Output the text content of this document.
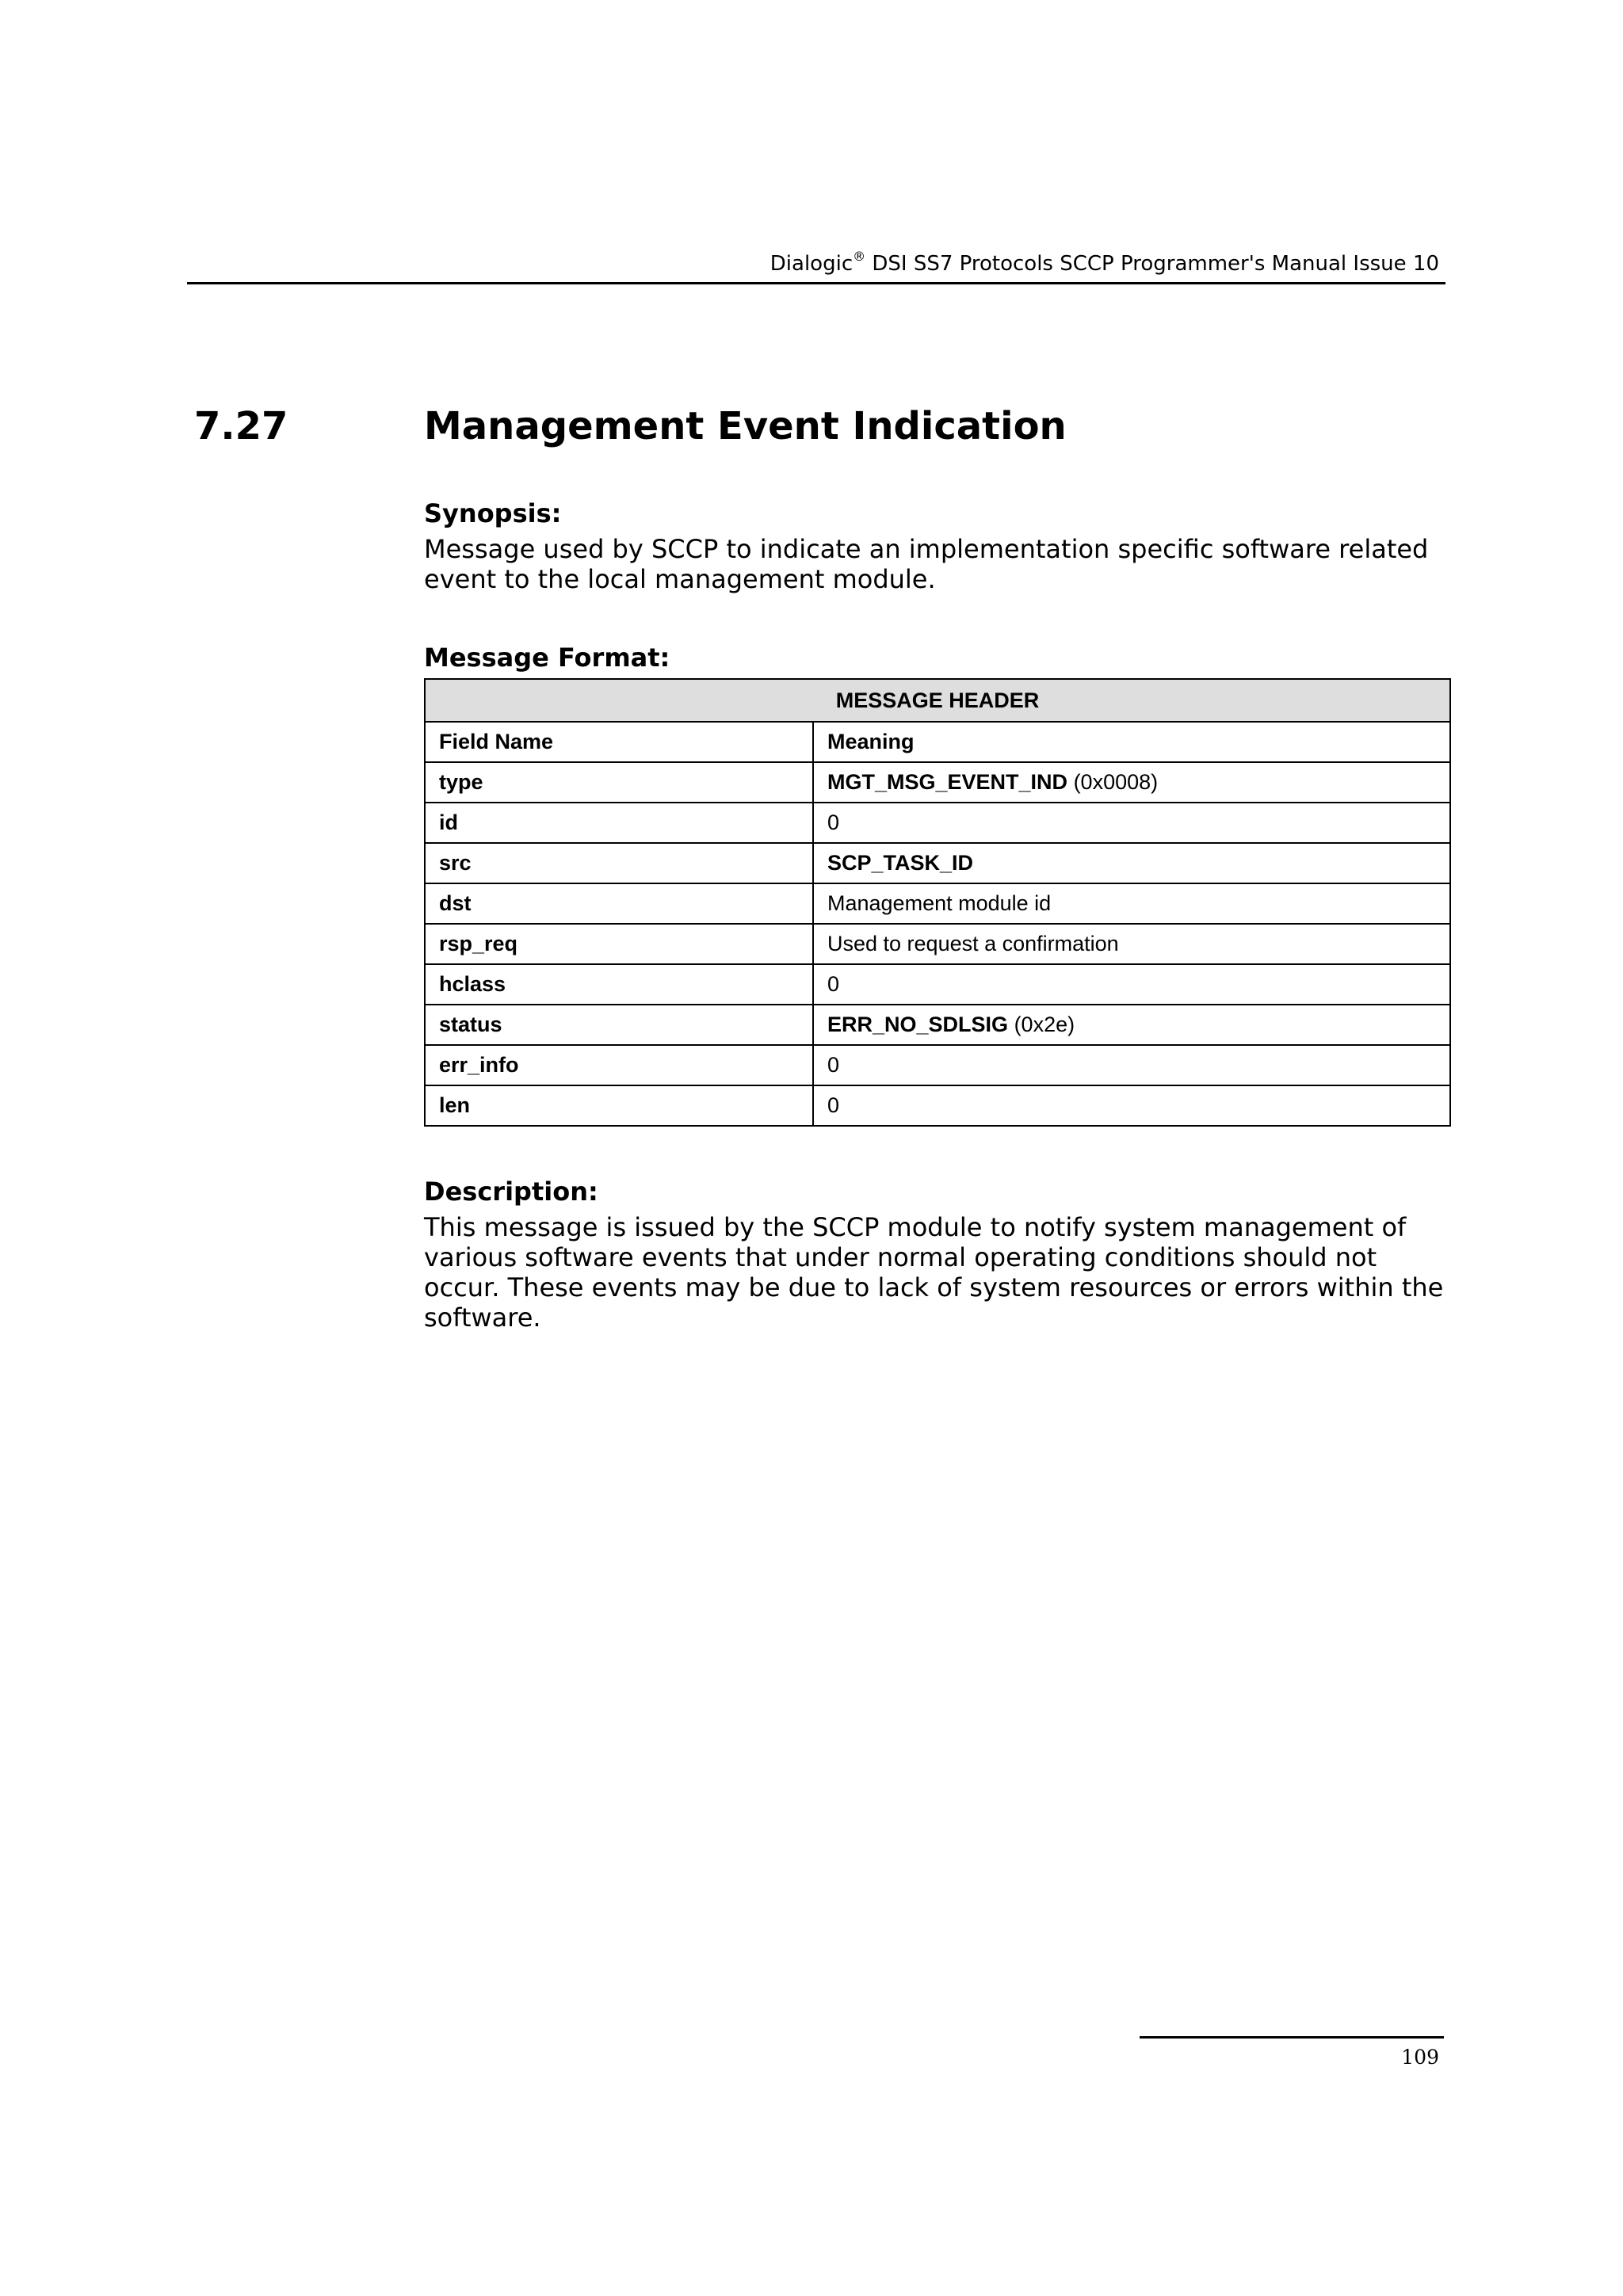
Dialogic® DSI SS7 Protocols SCCP Programmer's Manual Issue 10
7.27	Management Event Indication
Synopsis:

Message used by SCCP to indicate an implementation specific software related event to the local management module.

Message Format:
MESSAGE HEADER	
Field Name	Meaning
type	MGT_MSG_EVENT_IND (0x0008)
id	0
src	SCP_TASK_ID
dst	Management module id
rsp_req	Used to request a confirmation
hclass	0
status	ERR_NO_SDLSIG (0x2e)
err_info	0
len	0
Description:

This message is issued by the SCCP module to notify system management of various software events that under normal operating conditions should not occur. These events may be due to lack of system resources or errors within the software.

109
